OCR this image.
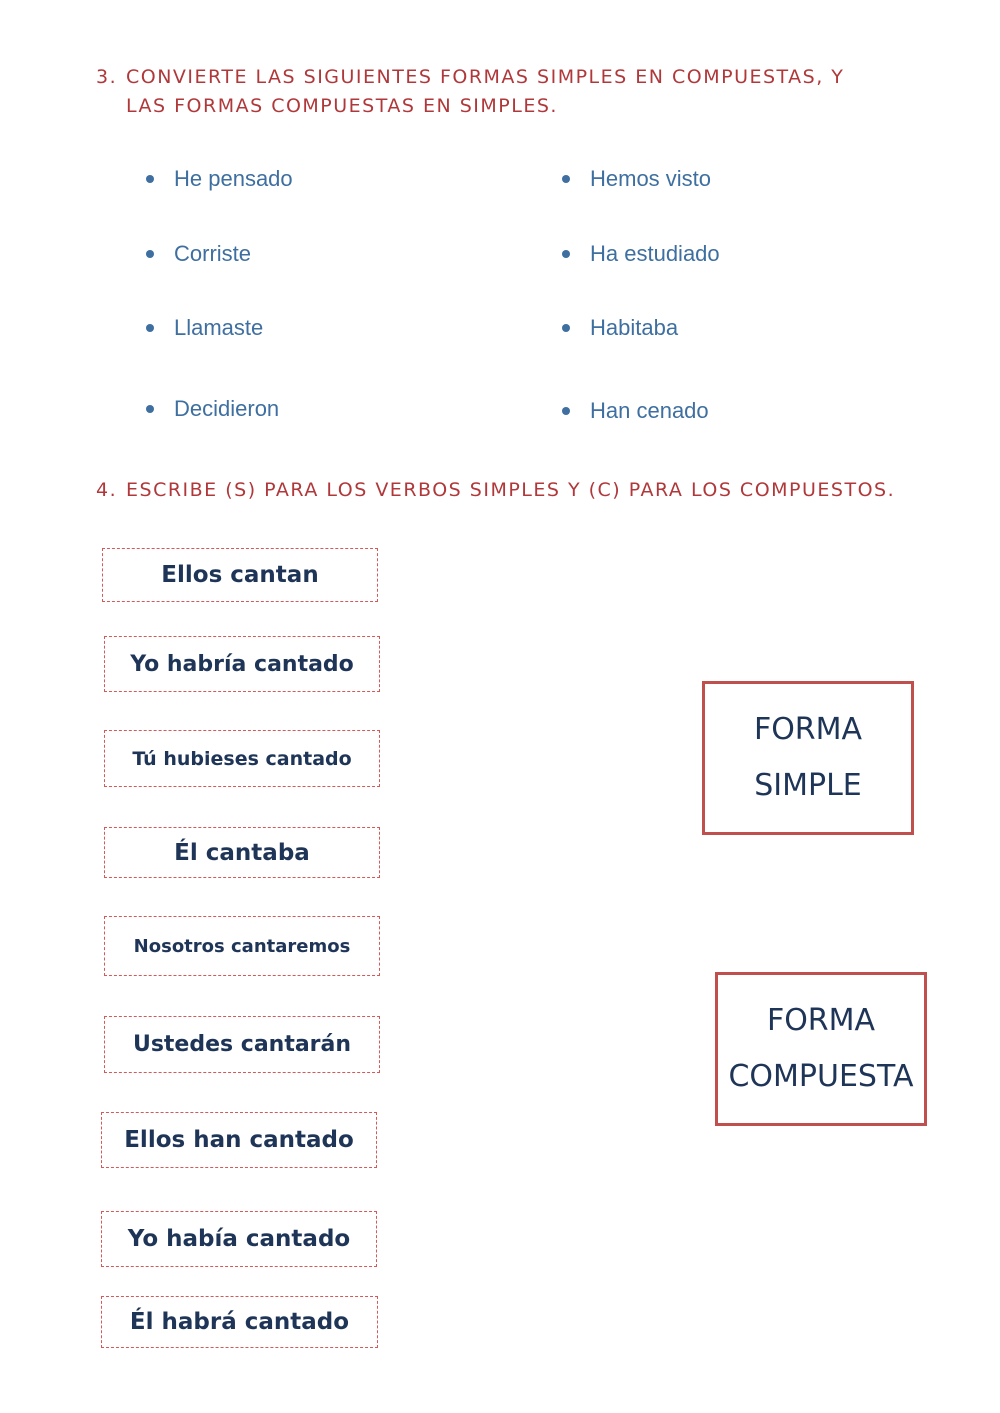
3. CONVIERTE LAS SIGUIENTES FORMAS SIMPLES EN COMPUESTAS, Y
LAS FORMAS COMPUESTAS EN SIMPLES.
He pensado
Corriste
Llamaste
Decidieron
Hemos visto
Ha estudiado
Habitaba
Han cenado
4. ESCRIBE (S) PARA LOS VERBOS SIMPLES Y (C) PARA LOS COMPUESTOS.
Ellos cantan
Yo habría cantado
Tú hubieses cantado
Él cantaba
Nosotros cantaremos
Ustedes cantarán
Ellos han cantado
Yo había cantado
Él habrá cantado
FORMA
SIMPLE
FORMA
COMPUESTA
